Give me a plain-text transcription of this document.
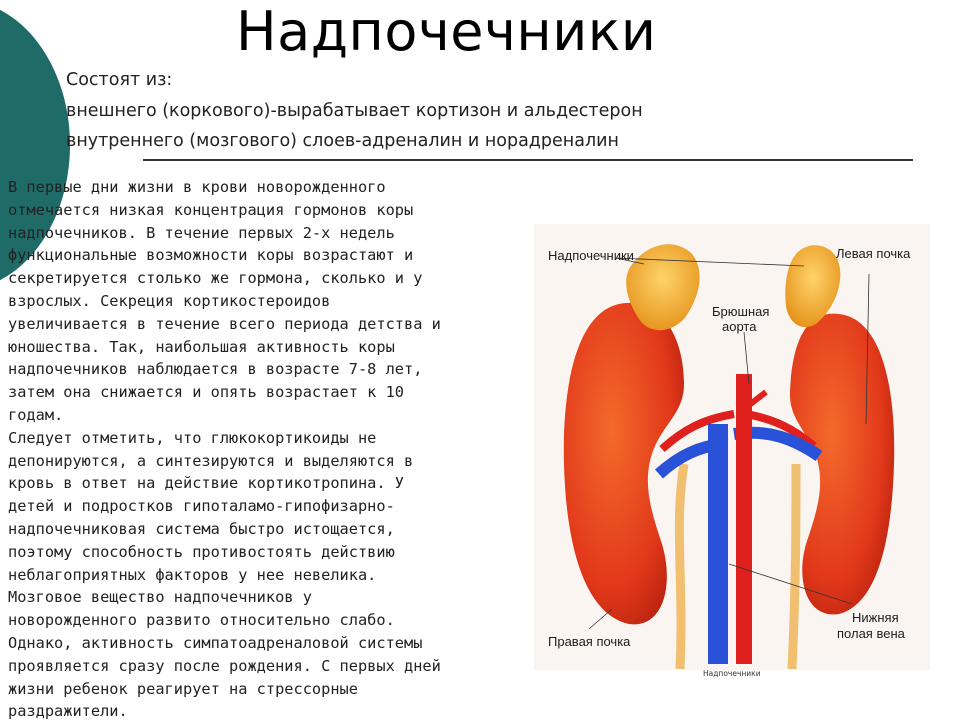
Надпочечники
Состоят из:
внешнего (коркового)-вырабатывает кортизон и альдестерон
внутреннего (мозгового) слоев-адреналин и норадреналин
В первые дни жизни в крови новорожденного
отмечается низкая концентрация гормонов коры
надпочечников. В течение первых 2-х недель
функциональные возможности коры возрастают и
секретируется столько же гормона, сколько и у
взрослых. Секреция кортикостероидов
увеличивается в течение всего периода детства и
юношества. Так, наибольшая активность коры
надпочечников наблюдается в возрасте 7-8 лет,
затем она снижается и опять возрастает к 10
годам.
Следует отметить, что глюкокортикоиды не
депонируются, а синтезируются и выделяются в
кровь в ответ на действие кортикотропина. У
детей и подростков гипоталамо-гипофизарно-
надпочечниковая система быстро истощается,
поэтому способность противостоять действию
неблагоприятных факторов у нее невелика.
Мозговое вещество надпочечников у
новорожденного развито относительно слабо.
Однако, активность симпатоадреналовой системы
проявляется сразу после рождения. С первых дней
жизни ребенок реагирует на стрессорные
раздражители.
Надпочечники	Левая почка
Брюшная
аорта
Правая почка
Нижняя
полая вена
Надпочечники
